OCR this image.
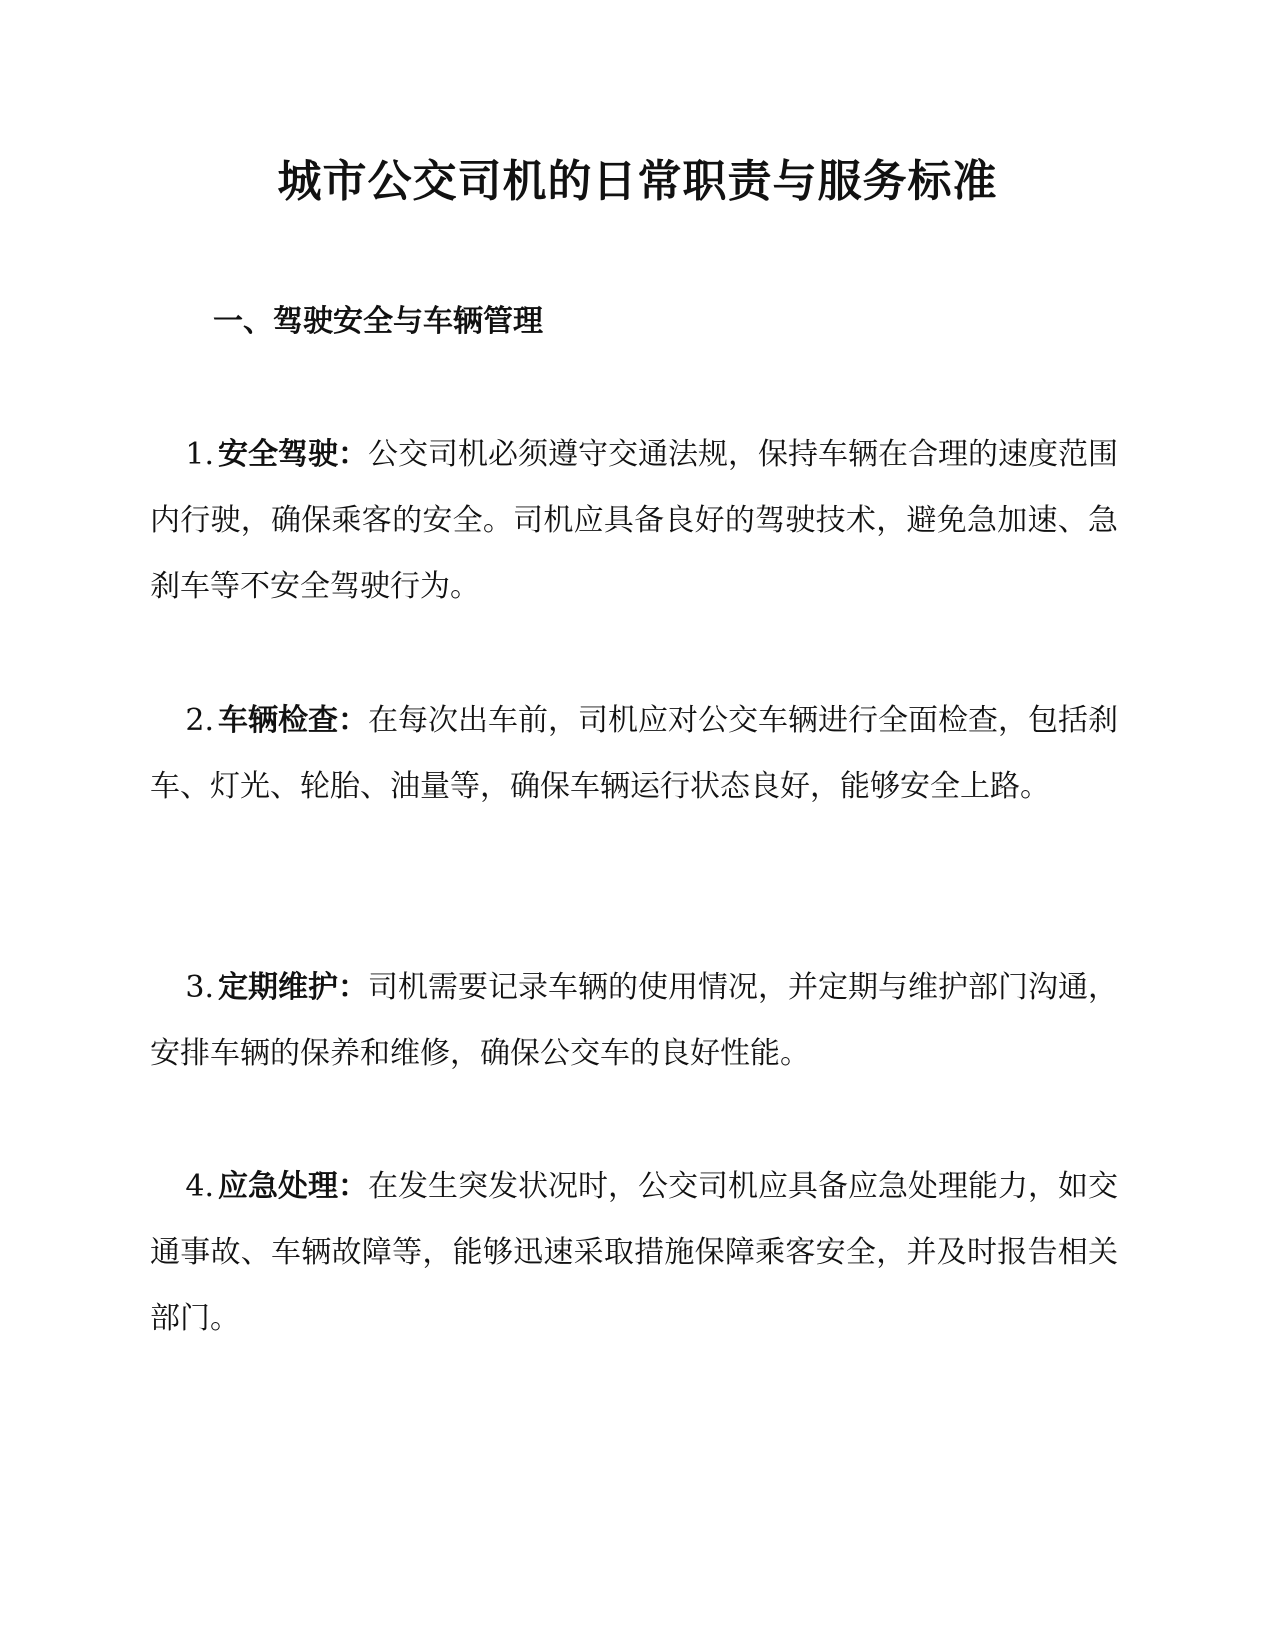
城市公交司机的日常职责与服务标准
一、驾驶安全与车辆管理

1. 安全驾驶：公交司机必须遵守交通法规，保持车辆在合理的速度范围内行驶，确保乘客的安全。司机应具备良好的驾驶技术，避免急加速、急刹车等不安全驾驶行为。

2. 车辆检查：在每次出车前，司机应对公交车辆进行全面检查，包括刹车、灯光、轮胎、油量等，确保车辆运行状态良好，能够安全上路。

3. 定期维护：司机需要记录车辆的使用情况，并定期与维护部门沟通，安排车辆的保养和维修，确保公交车的良好性能。

4. 应急处理：在发生突发状况时，公交司机应具备应急处理能力，如交通事故、车辆故障等，能够迅速采取措施保障乘客安全，并及时报告相关部门。
